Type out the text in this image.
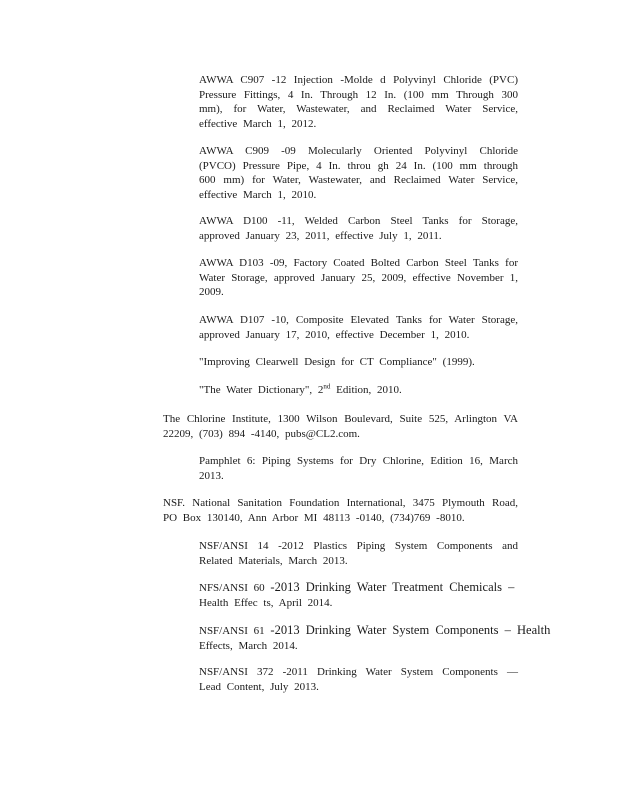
AWWA C907 -12 Injection -Molde d Polyvinyl Chloride (PVC) Pressure Fittings, 4 In. Through 12 In. (100 mm Through 300 mm), for Water, Wastewater, and Reclaimed Water Service, effective March 1, 2012.

AWWA C909 -09 Molecularly Oriented Polyvinyl Chloride (PVCO) Pressure Pipe, 4 In. throu gh 24 In. (100 mm through 600 mm) for Water, Wastewater, and Reclaimed Water Service, effective March 1, 2010.

AWWA D100 -11, Welded Carbon Steel Tanks for Storage, approved January 23, 2011, effective July 1, 2011.

AWWA D103 -09, Factory Coated Bolted Carbon Steel Tanks for Water Storage, approved January 25, 2009, effective November 1, 2009.

AWWA D107 -10, Composite Elevated Tanks for Water Storage, approved January 17, 2010, effective December 1, 2010.

"Improving Clearwell Design for CT Compliance" (1999).

"The Water Dictionary", 2nd Edition, 2010.

The Chlorine Institute, 1300 Wilson Boulevard, Suite 525, Arlington VA 22209, (703) 894 -4140, pubs@CL2.com.

Pamphlet 6: Piping Systems for Dry Chlorine, Edition 16, March 2013.

NSF. National Sanitation Foundation International, 3475 Plymouth Road, PO Box 130140, Ann Arbor MI 48113 -0140, (734)769 -8010.

NSF/ANSI 14 -2012 Plastics Piping System Components and Related Materials, March 2013.

NFS/ANSI 60 -2013 Drinking Water Treatment Chemicals –
Health Effec ts, April 2014.
NSF/ANSI 61 -2013 Drinking Water System Components – Health
Effects, March 2014.

NSF/ANSI 372 -2011 Drinking Water System Components — Lead Content, July 2013.
